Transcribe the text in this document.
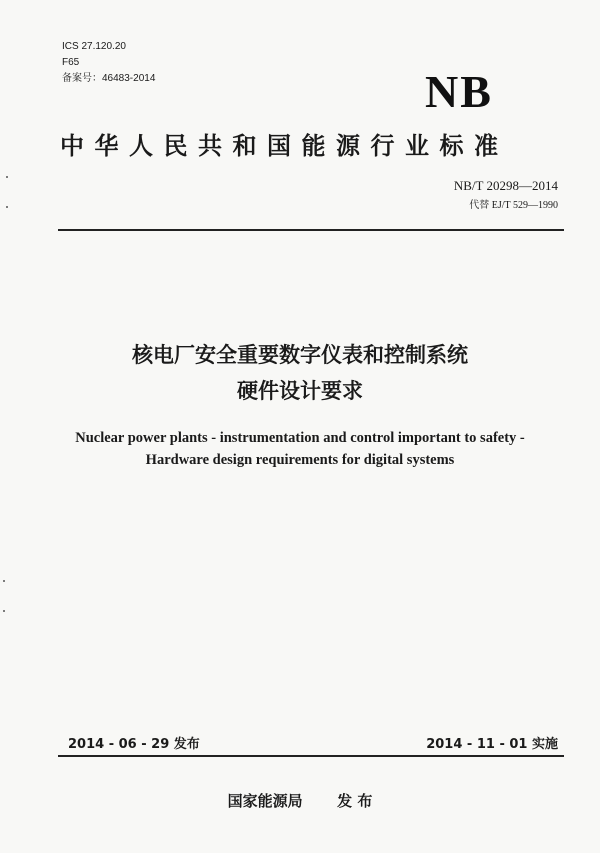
ICS 27.120.20
F65
备案号：46483-2014	NB
中华人民共和国能源行业标准
NB/T 20298—2014
代替 EJ/T 529—1990
核电厂安全重要数字仪表和控制系统
硬件设计要求
Nuclear power plants - instrumentation and control important to safety -
Hardware design requirements for digital systems
2014 - 06 - 29 发布	2014 - 11 - 01 实施
国家能源局 发 布
